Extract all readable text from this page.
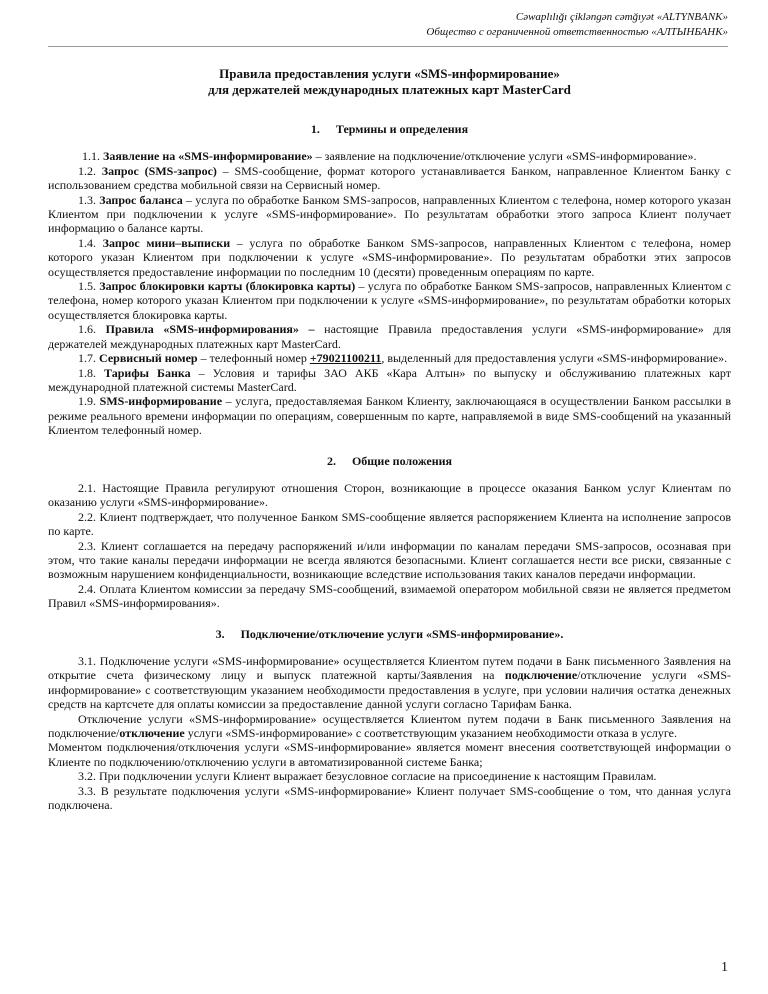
Cəwaplılığı çiklәngәn cәmğıyәt «ALTYNBANK»
Общество с ограниченной ответственностью «АЛТЫНБАНК»
Правила предоставления услуги «SMS-информирование»
для держателей международных платежных карт MasterCard
1. Термины и определения

1.1. Заявление на «SMS-информирование» – заявление на подключение/отключение услуги «SMS-информирование».

1.2. Запрос (SMS-запрос) – SMS-сообщение, формат которого устанавливается Банком, направленное Клиентом Банку с использованием средства мобильной связи на Сервисный номер.

1.3. Запрос баланса – услуга по обработке Банком SMS-запросов, направленных Клиентом с телефона, номер которого указан Клиентом при подключении к услуге «SMS-информирование». По результатам обработки этого запроса Клиент получает информацию о балансе карты.

1.4. Запрос мини–выписки – услуга по обработке Банком SMS-запросов, направленных Клиентом с телефона, номер которого указан Клиентом при подключении к услуге «SMS-информирование». По результатам обработки этих запросов осуществляется предоставление информации по последним 10 (десяти) проведенным операциям по карте.

1.5. Запрос блокировки карты (блокировка карты) – услуга по обработке Банком SMS-запросов, направленных Клиентом с телефона, номер которого указан Клиентом при подключении к услуге «SMS-информирование», по результатам обработки которых осуществляется блокировка карты.

1.6. Правила «SMS-информирования» – настоящие Правила предоставления услуги «SMS-информирование» для держателей международных платежных карт MasterCard.

1.7. Сервисный номер – телефонный номер +79021100211, выделенный для предоставления услуги «SMS-информирование».

1.8. Тарифы Банка – Условия и тарифы ЗАО АКБ «Кара Алтын» по выпуску и обслуживанию платежных карт международной платежной системы MasterCard.

1.9. SMS-информирование – услуга, предоставляемая Банком Клиенту, заключающаяся в осуществлении Банком рассылки в режиме реального времени информации по операциям, совершенным по карте, направляемой в виде SMS-сообщений на указанный Клиентом телефонный номер.

2. Общие положения

2.1. Настоящие Правила регулируют отношения Сторон, возникающие в процессе оказания Банком услуг Клиентам по оказанию услуги «SMS-информирование».

2.2. Клиент подтверждает, что полученное Банком SMS-сообщение является распоряжением Клиента на исполнение запросов по карте.

2.3. Клиент соглашается на передачу распоряжений и/или информации по каналам передачи SMS-запросов, осознавая при этом, что такие каналы передачи информации не всегда являются безопасными. Клиент соглашается нести все риски, связанные с возможным нарушением конфиденциальности, возникающие вследствие использования таких каналов передачи информации.

2.4. Оплата Клиентом комиссии за передачу SMS-сообщений, взимаемой оператором мобильной связи не является предметом Правил «SMS-информирования».

3. Подключение/отключение услуги «SMS-информирование».

3.1. Подключение услуги «SMS-информирование» осуществляется Клиентом путем подачи в Банк письменного Заявления на открытие счета физическому лицу и выпуск платежной карты/Заявления на подключение/отключение услуги «SMS-информирование» с соответствующим указанием необходимости предоставления в услуге, при условии наличия остатка денежных средств на картсчете для оплаты комиссии за предоставление данной услуги согласно Тарифам Банка.

Отключение услуги «SMS-информирование» осуществляется Клиентом путем подачи в Банк письменного Заявления на подключение/отключение услуги «SMS-информирование» с соответствующим указанием необходимости отказа в услуге.

Моментом подключения/отключения услуги «SMS-информирование» является момент внесения соответствующей информации о Клиенте по подключению/отключению услуги в автоматизированной системе Банка;

3.2. При подключении услуги Клиент выражает безусловное согласие на присоединение к настоящим Правилам.

3.3. В результате подключения услуги «SMS-информирование» Клиент получает SMS-сообщение о том, что данная услуга подключена.

1
